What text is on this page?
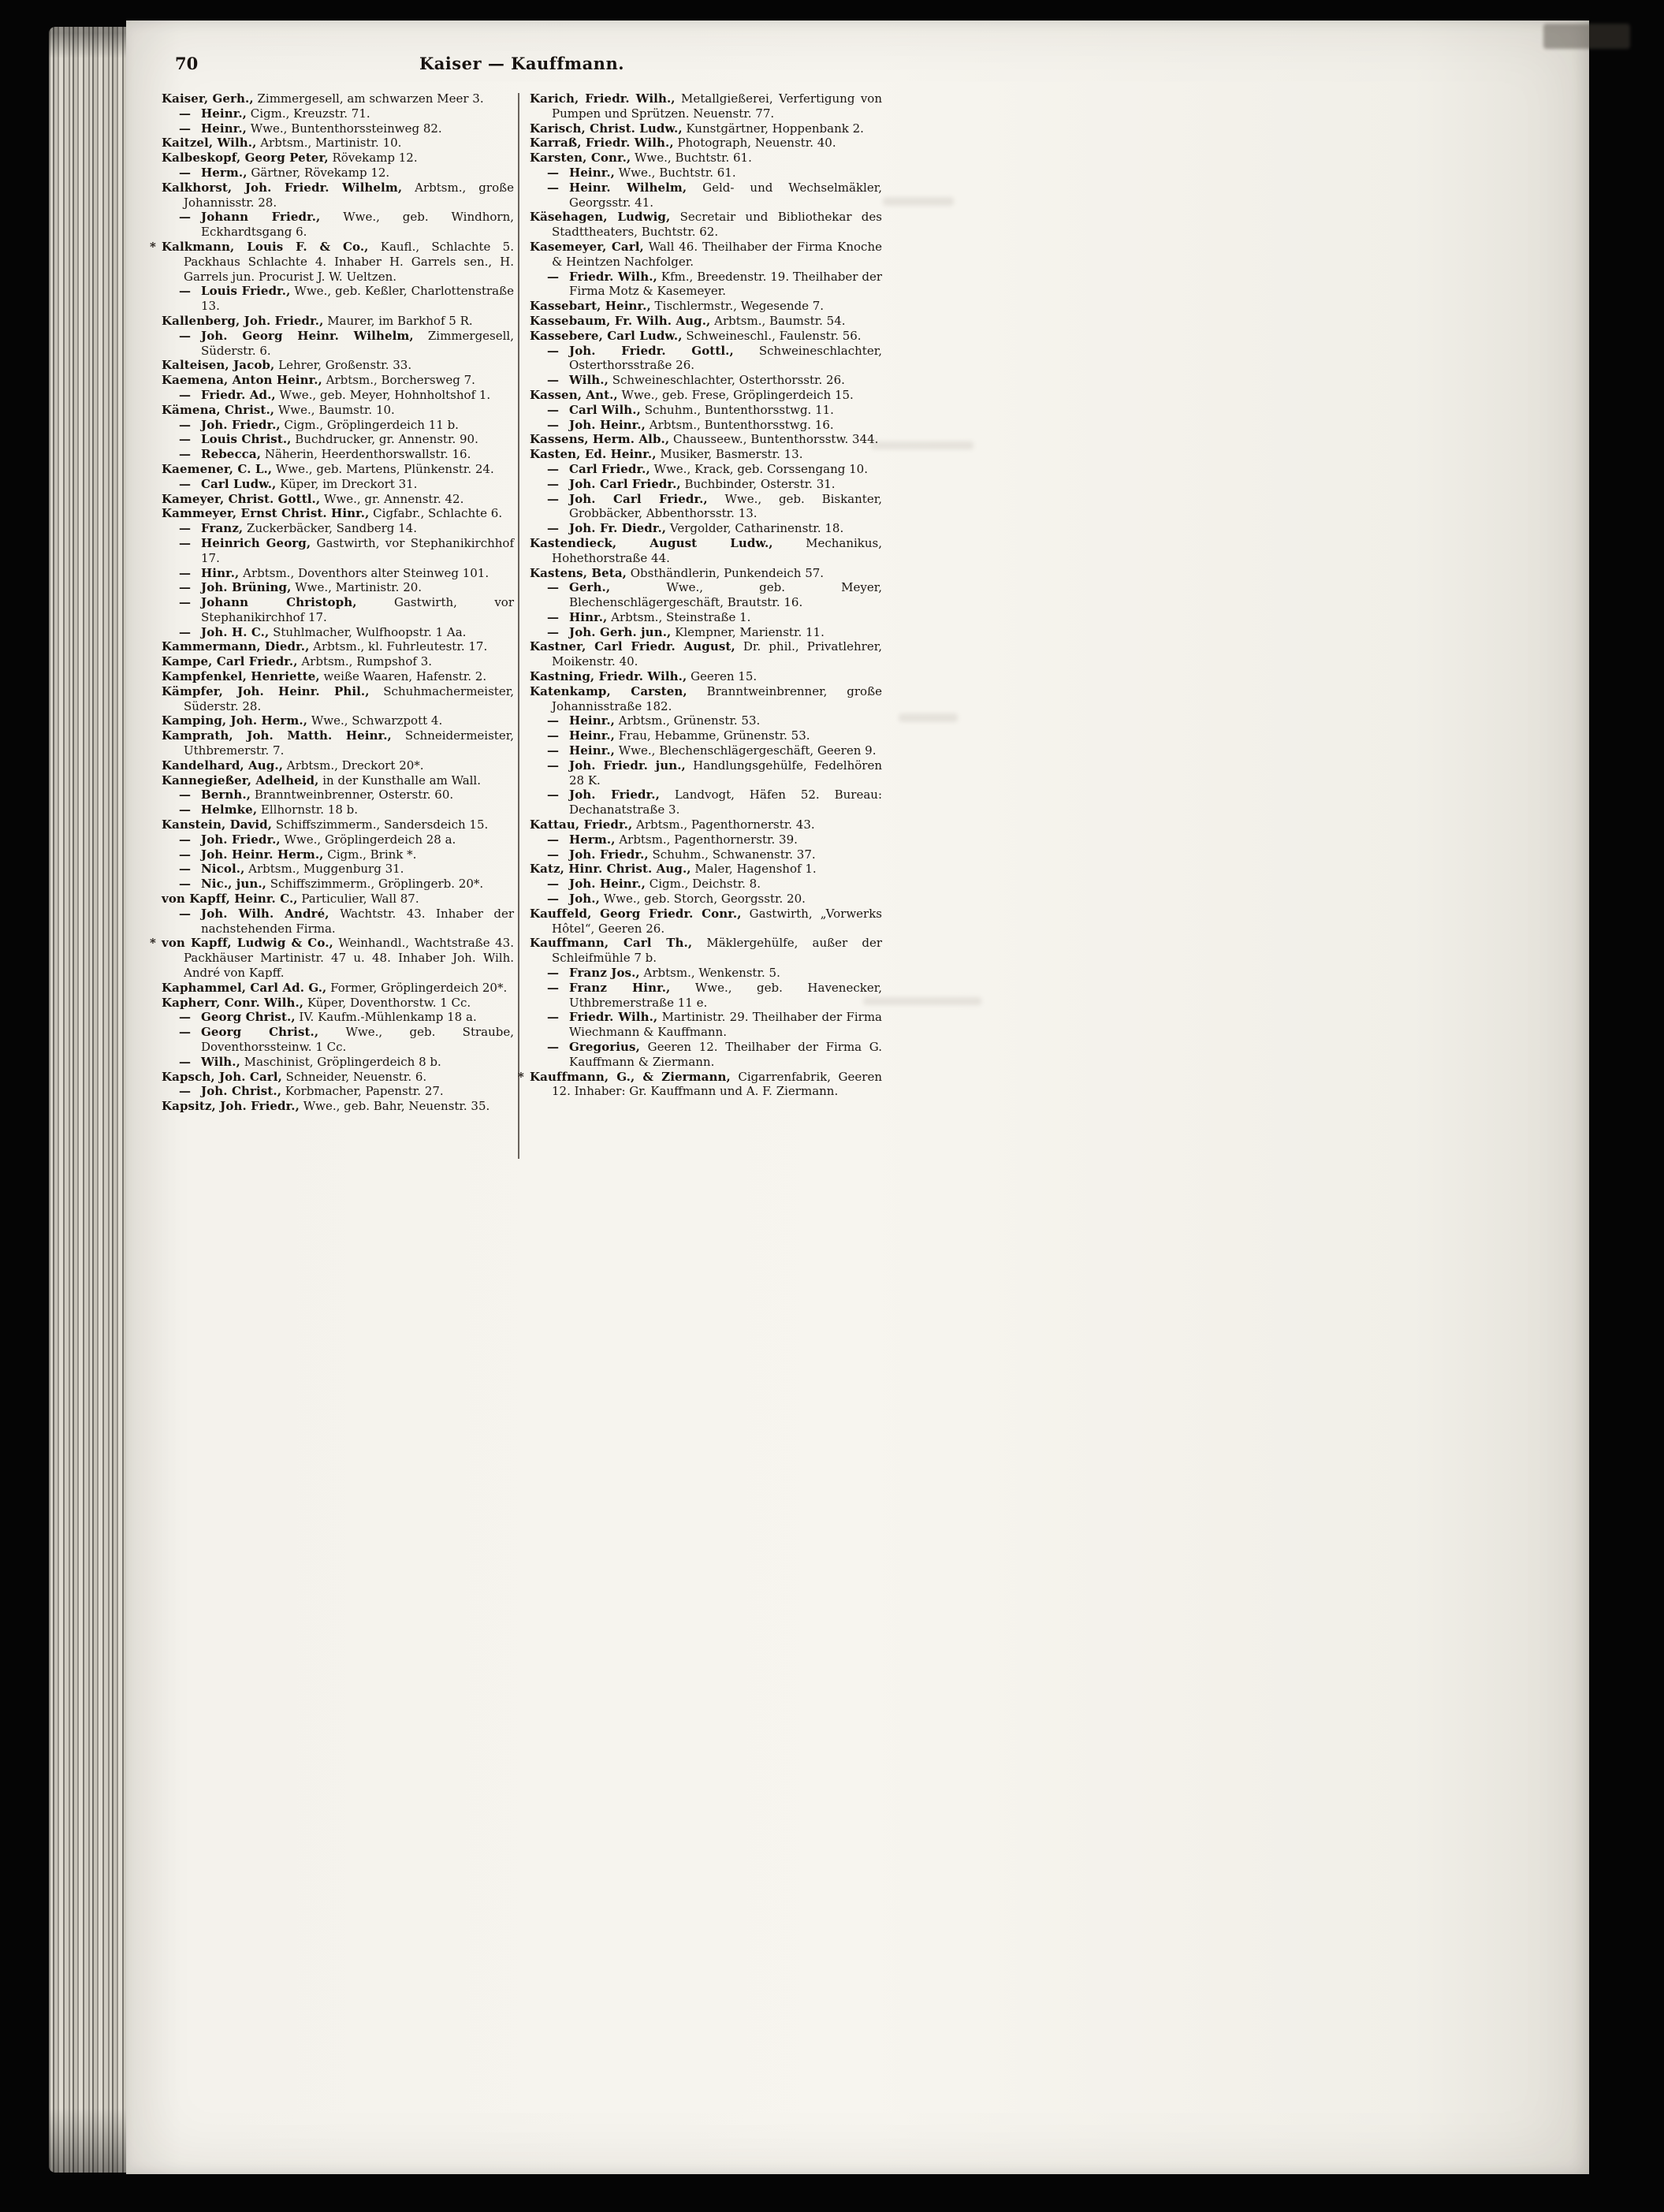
70	Kaiser — Kauffmann.
Kaiser, Gerh., Zimmergesell, am schwarzen Meer 3.
— Heinr., Cigm., Kreuzstr. 71.
— Heinr., Wwe., Buntenthorssteinweg 82.
Kaitzel, Wilh., Arbtsm., Martinistr. 10.
Kalbeskopf, Georg Peter, Rövekamp 12.
— Herm., Gärtner, Rövekamp 12.
Kalkhorst, Joh. Friedr. Wilhelm, Arbtsm., große Johannisstr. 28.
— Johann Friedr., Wwe., geb. Windhorn, Eckhardtsgang 6.
* Kalkmann, Louis F. & Co., Kaufl., Schlachte 5. Packhaus Schlachte 4. Inhaber H. Garrels sen., H. Garrels jun. Procurist J. W. Ueltzen.
— Louis Friedr., Wwe., geb. Keßler, Charlottenstraße 13.
Kallenberg, Joh. Friedr., Maurer, im Barkhof 5 R.
— Joh. Georg Heinr. Wilhelm, Zimmergesell, Süderstr. 6.
Kalteisen, Jacob, Lehrer, Großenstr. 33.
Kaemena, Anton Heinr., Arbtsm., Borchersweg 7.
— Friedr. Ad., Wwe., geb. Meyer, Hohnholtshof 1.
Kämena, Christ., Wwe., Baumstr. 10.
— Joh. Friedr., Cigm., Gröplingerdeich 11 b.
— Louis Christ., Buchdrucker, gr. Annenstr. 90.
— Rebecca, Näherin, Heerdenthorswallstr. 16.
Kaemener, C. L., Wwe., geb. Martens, Plünkenstr. 24.
— Carl Ludw., Küper, im Dreckort 31.
Kameyer, Christ. Gottl., Wwe., gr. Annenstr. 42.
Kammeyer, Ernst Christ. Hinr., Cigfabr., Schlachte 6.
— Franz, Zuckerbäcker, Sandberg 14.
— Heinrich Georg, Gastwirth, vor Stephanikirchhof 17.
— Hinr., Arbtsm., Doventhors alter Steinweg 101.
— Joh. Brüning, Wwe., Martinistr. 20.
— Johann Christoph, Gastwirth, vor Stephanikirchhof 17.
— Joh. H. C., Stuhlmacher, Wulfhoopstr. 1 Aa.
Kammermann, Diedr., Arbtsm., kl. Fuhrleutestr. 17.
Kampe, Carl Friedr., Arbtsm., Rumpshof 3.
Kampfenkel, Henriette, weiße Waaren, Hafenstr. 2.
Kämpfer, Joh. Heinr. Phil., Schuhmachermeister, Süderstr. 28.
Kamping, Joh. Herm., Wwe., Schwarzpott 4.
Kamprath, Joh. Matth. Heinr., Schneidermeister, Uthbremerstr. 7.
Kandelhard, Aug., Arbtsm., Dreckort 20*.
Kannegießer, Adelheid, in der Kunsthalle am Wall.
— Bernh., Branntweinbrenner, Osterstr. 60.
— Helmke, Ellhornstr. 18 b.
Kanstein, David, Schiffszimmerm., Sandersdeich 15.
— Joh. Friedr., Wwe., Gröplingerdeich 28 a.
— Joh. Heinr. Herm., Cigm., Brink *.
— Nicol., Arbtsm., Muggenburg 31.
— Nic., jun., Schiffszimmerm., Gröplingerb. 20*.
von Kapff, Heinr. C., Particulier, Wall 87.
— Joh. Wilh. André, Wachtstr. 43. Inhaber der nachstehenden Firma.
* von Kapff, Ludwig & Co., Weinhandl., Wachtstraße 43. Packhäuser Martinistr. 47 u. 48. Inhaber Joh. Wilh. André von Kapff.
Kaphammel, Carl Ad. G., Former, Gröplingerdeich 20*.
Kapherr, Conr. Wilh., Küper, Doventhorstw. 1 Cc.
— Georg Christ., IV. Kaufm.-Mühlenkamp 18 a.
— Georg Christ., Wwe., geb. Straube, Doventhorssteinw. 1 Cc.
— Wilh., Maschinist, Gröplingerdeich 8 b.
Kapsch, Joh. Carl, Schneider, Neuenstr. 6.
— Joh. Christ., Korbmacher, Papenstr. 27.
Kapsitz, Joh. Friedr., Wwe., geb. Bahr, Neuenstr. 35.
Karich, Friedr. Wilh., Metallgießerei, Verfertigung von Pumpen und Sprützen. Neuenstr. 77.
Karisch, Christ. Ludw., Kunstgärtner, Hoppenbank 2.
Karraß, Friedr. Wilh., Photograph, Neuenstr. 40.
Karsten, Conr., Wwe., Buchtstr. 61.
— Heinr., Wwe., Buchtstr. 61.
— Heinr. Wilhelm, Geld- und Wechselmäkler, Georgsstr. 41.
Käsehagen, Ludwig, Secretair und Bibliothekar des Stadttheaters, Buchtstr. 62.
Kasemeyer, Carl, Wall 46. Theilhaber der Firma Knoche & Heintzen Nachfolger.
— Friedr. Wilh., Kfm., Breedenstr. 19. Theilhaber der Firma Motz & Kasemeyer.
Kassebart, Heinr., Tischlermstr., Wegesende 7.
Kassebaum, Fr. Wilh. Aug., Arbtsm., Baumstr. 54.
Kassebere, Carl Ludw., Schweineschl., Faulenstr. 56.
— Joh. Friedr. Gottl., Schweineschlachter, Osterthorsstraße 26.
— Wilh., Schweineschlachter, Osterthorsstr. 26.
Kassen, Ant., Wwe., geb. Frese, Gröplingerdeich 15.
— Carl Wilh., Schuhm., Buntenthorsstwg. 11.
— Joh. Heinr., Arbtsm., Buntenthorsstwg. 16.
Kassens, Herm. Alb., Chausseew., Buntenthorsstw. 344.
Kasten, Ed. Heinr., Musiker, Basmerstr. 13.
— Carl Friedr., Wwe., Krack, geb. Corssengang 10.
— Joh. Carl Friedr., Buchbinder, Osterstr. 31.
— Joh. Carl Friedr., Wwe., geb. Biskanter, Grobbäcker, Abbenthorsstr. 13.
— Joh. Fr. Diedr., Vergolder, Catharinenstr. 18.
Kastendieck, August Ludw., Mechanikus, Hohethorstraße 44.
Kastens, Beta, Obsthändlerin, Punkendeich 57.
— Gerh., Wwe., geb. Meyer, Blechenschlägergeschäft, Brautstr. 16.
— Hinr., Arbtsm., Steinstraße 1.
— Joh. Gerh. jun., Klempner, Marienstr. 11.
Kastner, Carl Friedr. August, Dr. phil., Privatlehrer, Moikenstr. 40.
Kastning, Friedr. Wilh., Geeren 15.
Katenkamp, Carsten, Branntweinbrenner, große Johannisstraße 182.
— Heinr., Arbtsm., Grünenstr. 53.
— Heinr., Frau, Hebamme, Grünenstr. 53.
— Heinr., Wwe., Blechenschlägergeschäft, Geeren 9.
— Joh. Friedr. jun., Handlungsgehülfe, Fedelhören 28 K.
— Joh. Friedr., Landvogt, Häfen 52. Bureau: Dechanatstraße 3.
Kattau, Friedr., Arbtsm., Pagenthornerstr. 43.
— Herm., Arbtsm., Pagenthornerstr. 39.
— Joh. Friedr., Schuhm., Schwanenstr. 37.
Katz, Hinr. Christ. Aug., Maler, Hagenshof 1.
— Joh. Heinr., Cigm., Deichstr. 8.
— Joh., Wwe., geb. Storch, Georgsstr. 20.
Kauffeld, Georg Friedr. Conr., Gastwirth, „Vorwerks Hôtel“, Geeren 26.
Kauffmann, Carl Th., Mäklergehülfe, außer der Schleifmühle 7 b.
— Franz Jos., Arbtsm., Wenkenstr. 5.
— Franz Hinr., Wwe., geb. Havenecker, Uthbremerstraße 11 e.
— Friedr. Wilh., Martinistr. 29. Theilhaber der Firma Wiechmann & Kauffmann.
— Gregorius, Geeren 12. Theilhaber der Firma G. Kauffmann & Ziermann.
* Kauffmann, G., & Ziermann, Cigarrenfabrik, Geeren 12. Inhaber: Gr. Kauffmann und A. F. Ziermann.
